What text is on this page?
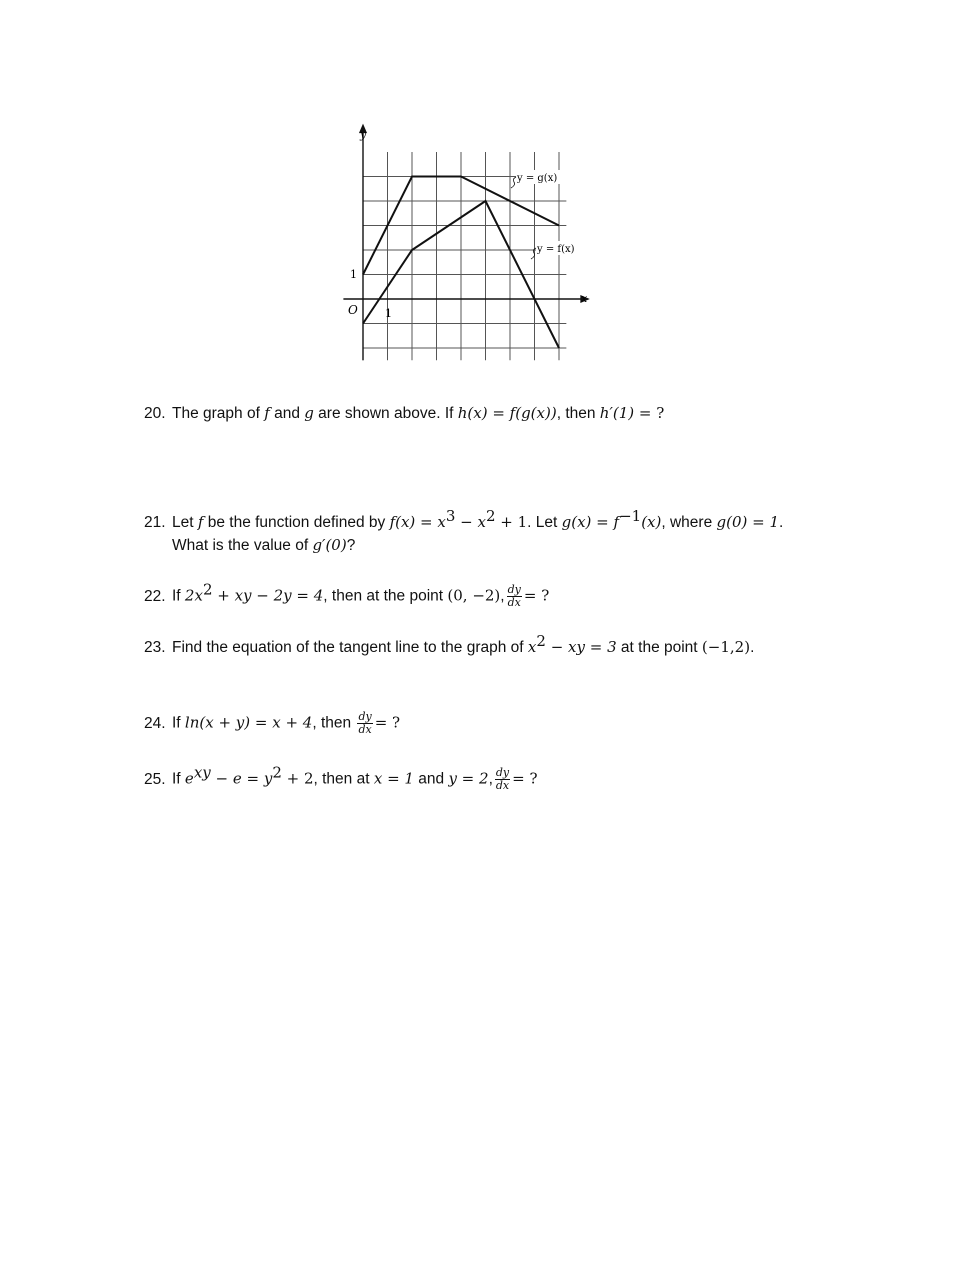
y
x
O
1
1
y = g(x)
y = f(x)
20. The graph of f and g are shown above. If h(x) = f(g(x)), then h′(1) = ?
21. Let f be the function defined by $f(x) = x^3 - x^2 + 1$. Let $g(x) = f^{-1}(x)$, where g(0) = 1.
What is the value of g′(0)?
22. If $2x^2$ + xy − 2y = 4, then at the point (0, −2), $\frac{dy}{dx}$ = ?
23. Find the equation of the tangent line to the graph of $x^2$ − xy = 3 at the point (−1,2).
24. If ln(x + y) = x + 4, then $\frac{dy}{dx}$ = ?
25. If $e^{xy} - e = y^2 + 2$, then at x = 1 and y = 2, $\frac{dy}{dx}$ = ?
